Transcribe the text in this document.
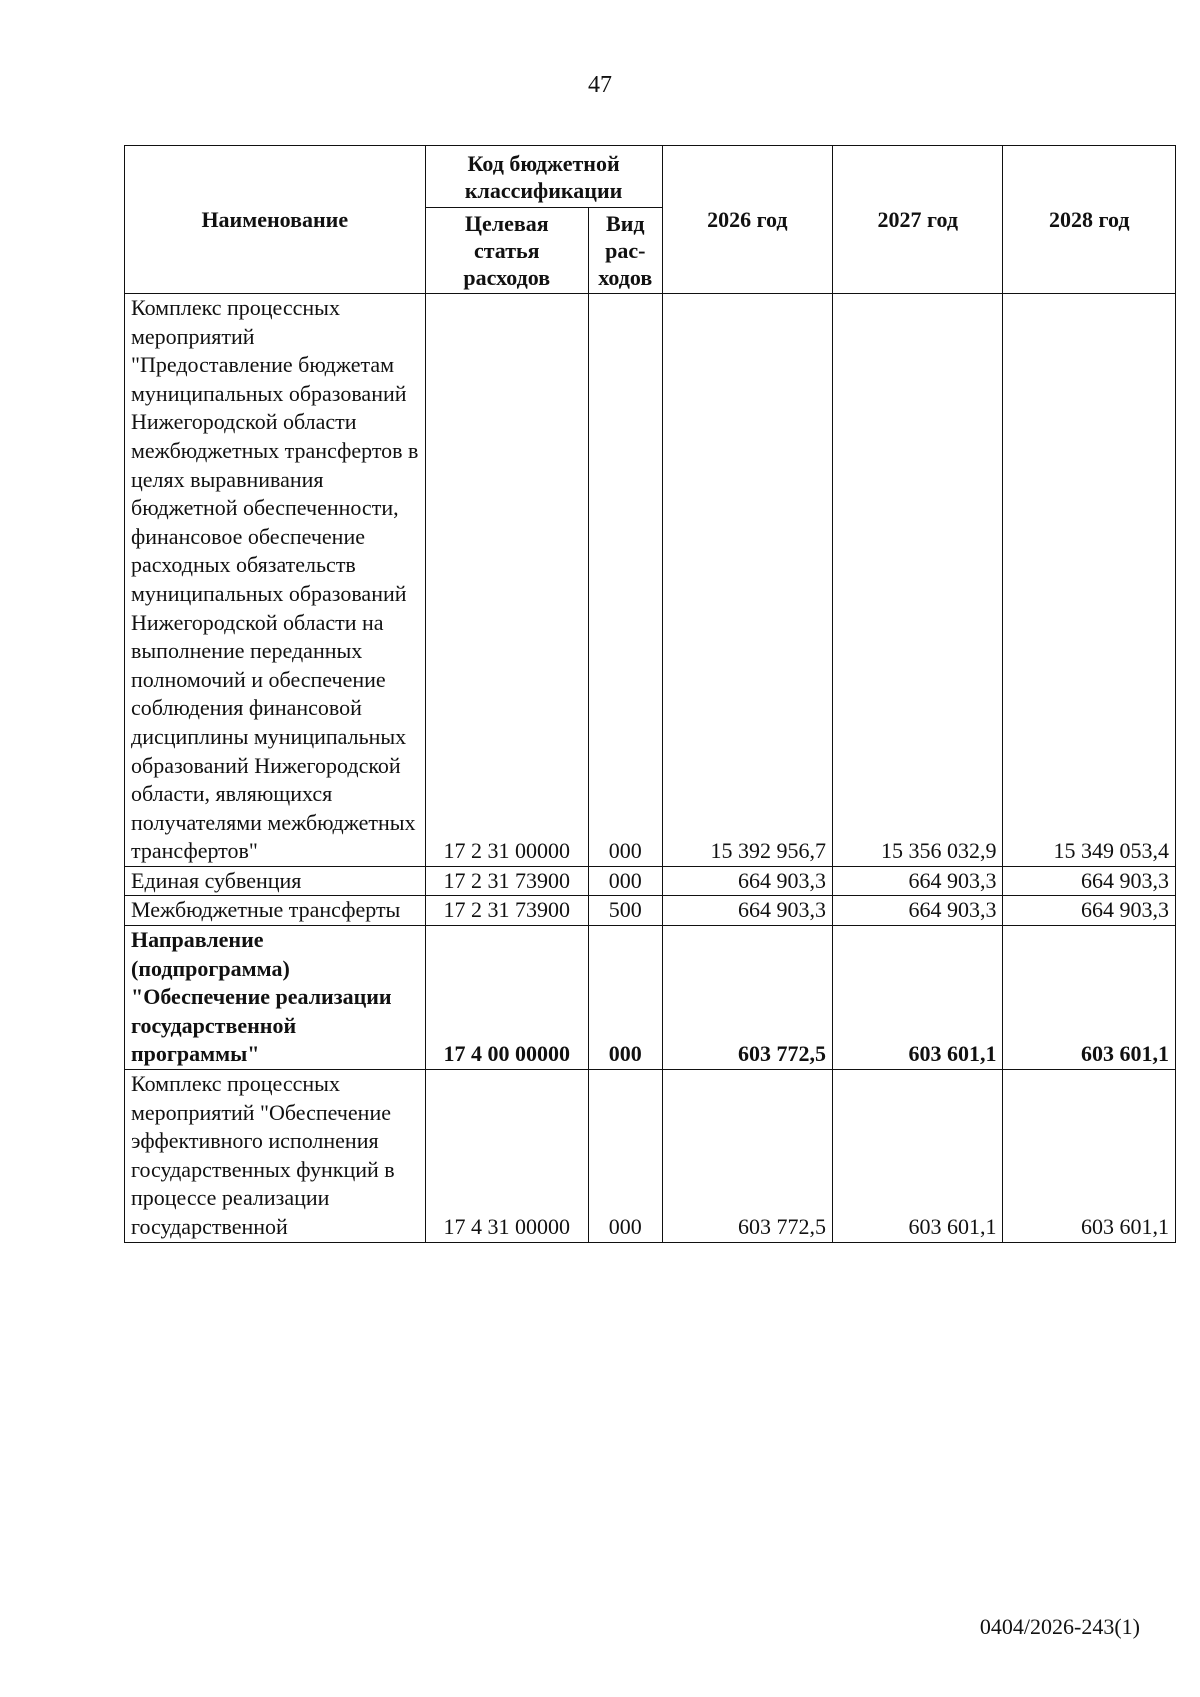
47
Наименование	Код бюджетной классификации		2026 год	2027 год	2028 год
	Целевая статья расходов	Вид рас-ходов			
Комплекс процессных мероприятий "Предоставление бюджетам муниципальных образований Нижегородской области межбюджетных трансфертов в целях выравнивания бюджетной обеспеченности, финансовое обеспечение расходных обязательств муниципальных образований Нижегородской области на выполнение переданных полномочий и обеспечение соблюдения финансовой дисциплины муниципальных образований Нижегородской области, являющихся получателями межбюджетных трансфертов"	17 2 31 00000	000	15 392 956,7	15 356 032,9	15 349 053,4
Единая субвенция	17 2 31 73900	000	664 903,3	664 903,3	664 903,3
Межбюджетные трансферты	17 2 31 73900	500	664 903,3	664 903,3	664 903,3
Направление (подпрограмма) "Обеспечение реализации государственной программы"	17 4 00 00000	000	603 772,5	603 601,1	603 601,1
Комплекс процессных мероприятий "Обеспечение эффективного исполнения государственных функций в процессе реализации государственной	17 4 31 00000	000	603 772,5	603 601,1	603 601,1
0404/2026-243(1)
